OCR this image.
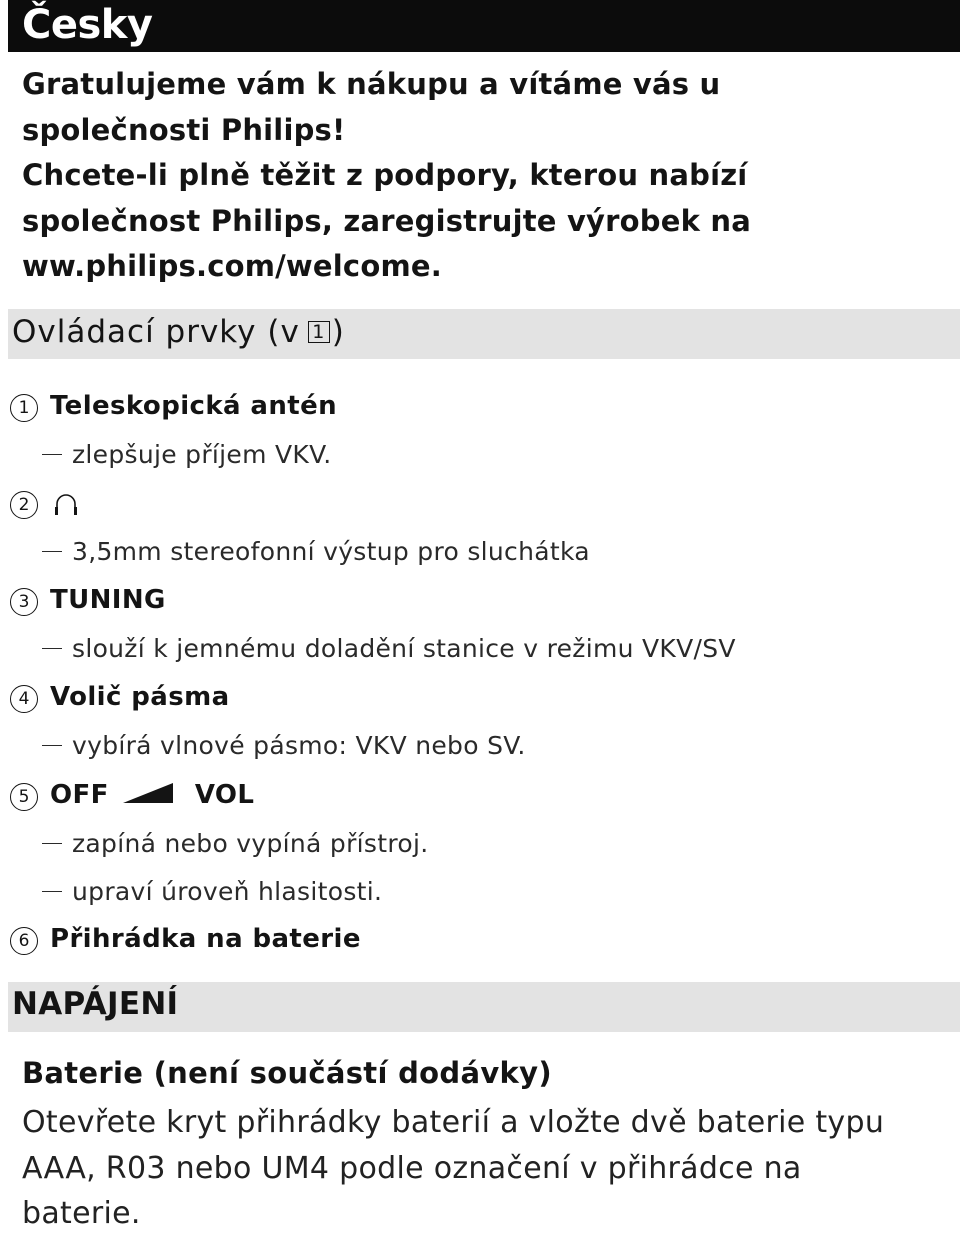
Česky
Gratulujeme vám k nákupu a vítáme vás u
společnosti Philips!
Chcete-li plně těžit z podpory, kterou nabízí
společnost Philips, zaregistrujte výrobek na
ww.philips.com/welcome.
Ovládací prvky (v 1 )
1 Teleskopická antén
zlepšuje příjem VKV.
2
3,5mm stereofonní výstup pro sluchátka
3 TUNING
slouží k jemnému doladění stanice v režimu VKV/SV
4 Volič pásma
vybírá vlnové pásmo: VKV nebo SV.
5 OFF	VOL
zapíná nebo vypíná přístroj.
upraví úroveň hlasitosti.
6 Přihrádka na baterie
NAPÁJENÍ
Baterie (není součástí dodávky)
Otevřete kryt přihrádky baterií a vložte dvě baterie typu
AAA, R03 nebo UM4 podle označení v přihrádce na
baterie.
